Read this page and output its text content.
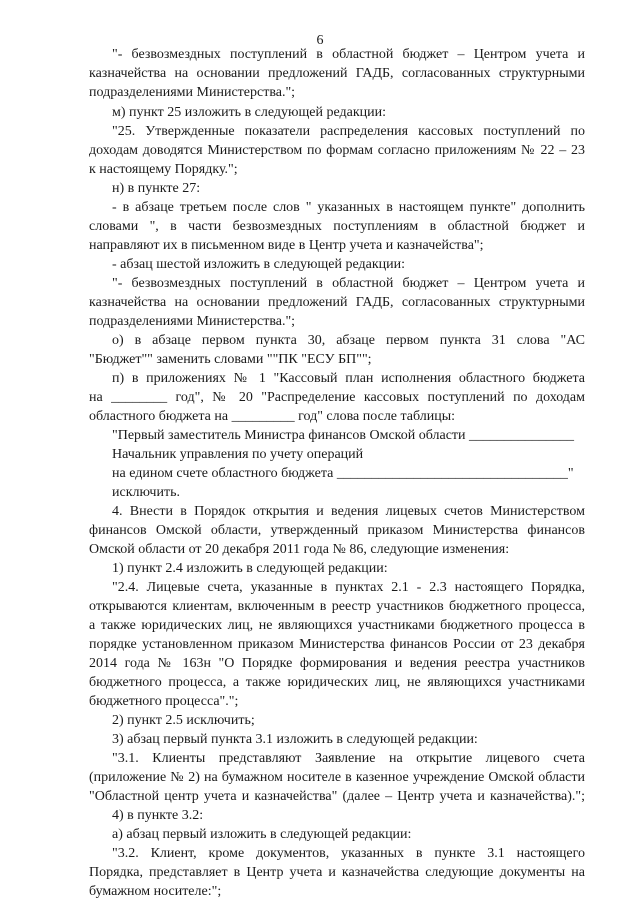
6
"- безвозмездных поступлений в областной бюджет – Центром учета и
казначейства на основании предложений ГАДБ, согласованных структурными
подразделениями Министерства.";
м) пункт 25 изложить в следующей редакции:
"25. Утвержденные показатели распределения кассовых поступлений по
доходам доводятся Министерством по формам согласно приложениям № 22 – 23
к настоящему Порядку.";
н) в пункте 27:
- в абзаце третьем после слов " указанных в настоящем пункте" дополнить
словами ", в части безвозмездных поступлениям в областной бюджет и
направляют их в письменном виде в Центр учета и казначейства";
- абзац шестой изложить в следующей редакции:
"- безвозмездных поступлений в областной бюджет – Центром учета и
казначейства на основании предложений ГАДБ, согласованных структурными
подразделениями Министерства.";
о) в абзаце первом пункта 30, абзаце первом пункта 31 слова "АС
"Бюджет"" заменить словами ""ПК "ЕСУ БП"";
п) в приложениях № 1 "Кассовый план исполнения областного бюджета
на ________ год", № 20 "Распределение кассовых поступлений по доходам
областного бюджета на _________ год" слова после таблицы:
"Первый заместитель Министра финансов Омской области _______________
Начальник управления по учету операций
на едином счете областного бюджета _________________________________"
исключить.
4. Внести в Порядок открытия и ведения лицевых счетов Министерством
финансов Омской области, утвержденный приказом Министерства финансов
Омской области от 20 декабря 2011 года № 86, следующие изменения:
1) пункт 2.4 изложить в следующей редакции:
"2.4. Лицевые счета, указанные в пунктах 2.1 - 2.3 настоящего Порядка,
открываются клиентам, включенным в реестр участников бюджетного процесса,
а также юридических лиц, не являющихся участниками бюджетного процесса в
порядке установленном приказом Министерства финансов России от 23 декабря
2014 года № 163н "О Порядке формирования и ведения реестра участников
бюджетного процесса, а также юридических лиц, не являющихся участниками
бюджетного процесса".";
2) пункт 2.5 исключить;
3) абзац первый пункта 3.1 изложить в следующей редакции:
"3.1. Клиенты представляют Заявление на открытие лицевого счета
(приложение № 2) на бумажном носителе в казенное учреждение Омской области
"Областной центр учета и казначейства" (далее – Центр учета и казначейства).";
4) в пункте 3.2:
а) абзац первый изложить в следующей редакции:
"3.2. Клиент, кроме документов, указанных в пункте 3.1 настоящего
Порядка, представляет в Центр учета и казначейства следующие документы на
бумажном носителе:";
